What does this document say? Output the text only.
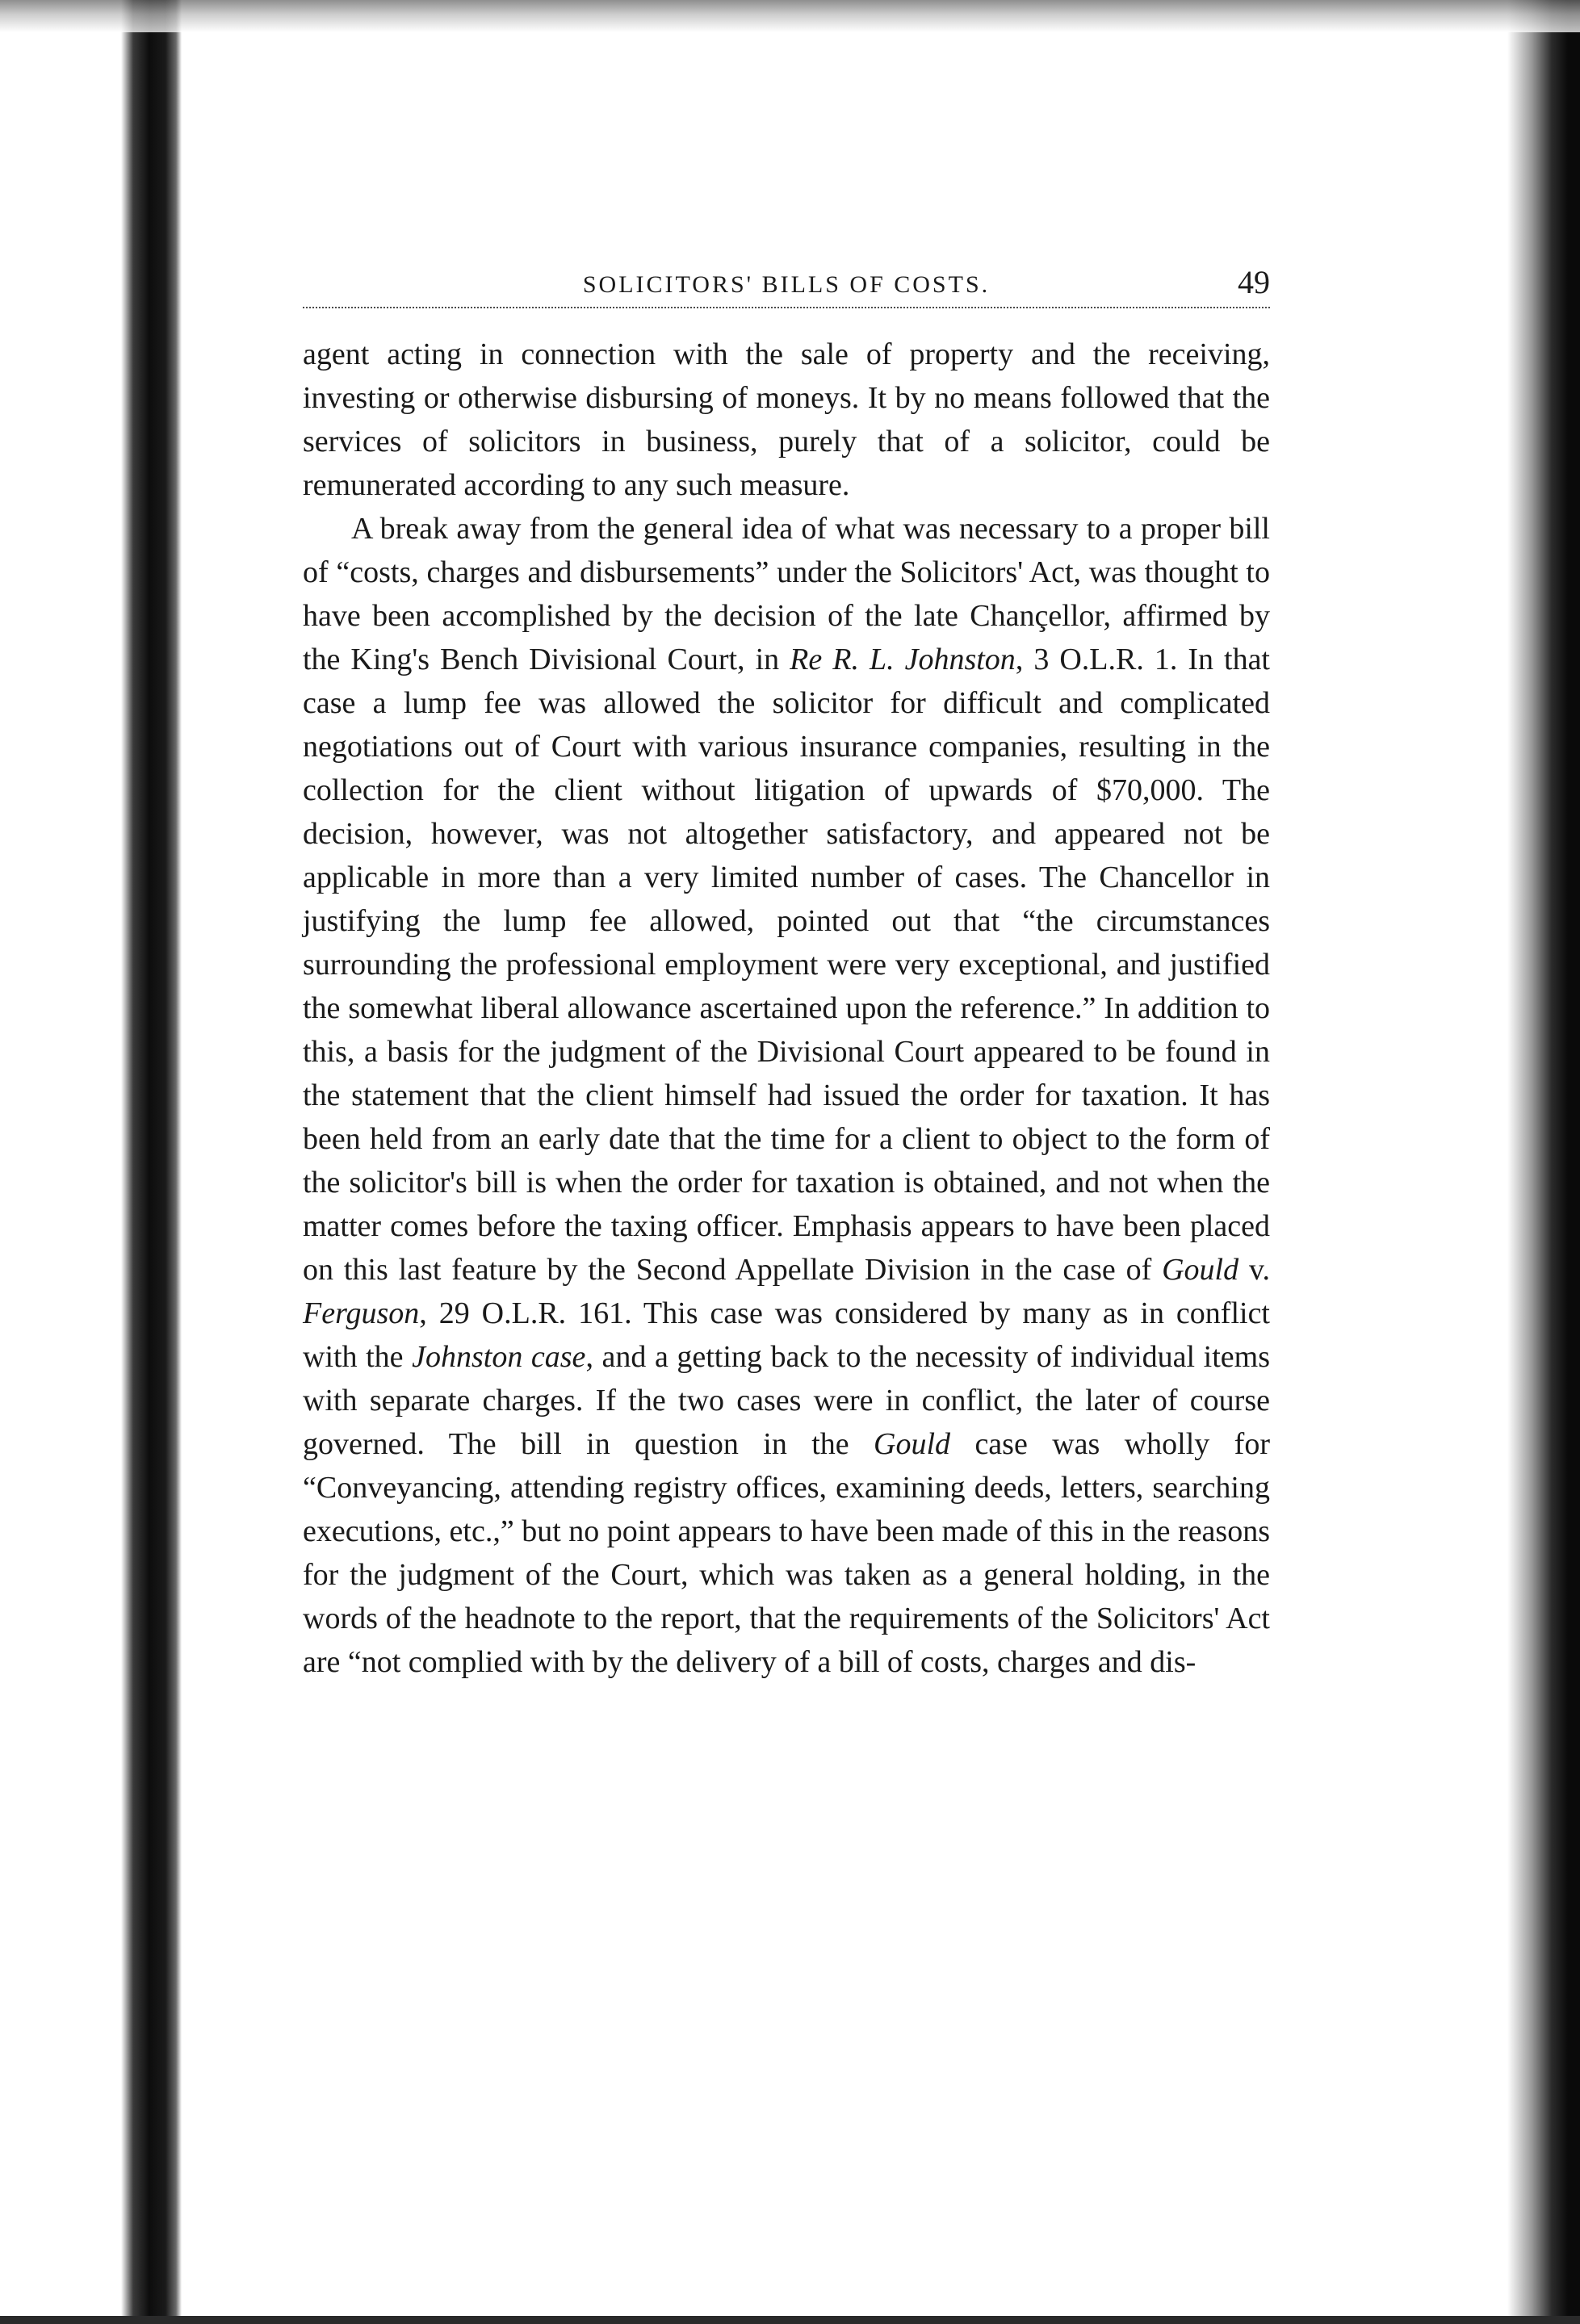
SOLICITORS' BILLS OF COSTS.	49

agent acting in connection with the sale of property and the receiving, investing or otherwise disbursing of moneys. It by no means followed that the services of solicitors in business, purely that of a solicitor, could be remunerated according to any such measure.

A break away from the general idea of what was necessary to a proper bill of “costs, charges and disbursements” under the Solicitors' Act, was thought to have been accomplished by the decision of the late Chançellor, affirmed by the King's Bench Divisional Court, in Re R. L. Johnston, 3 O.L.R. 1. In that case a lump fee was allowed the solicitor for difficult and complicated negotiations out of Court with various insurance companies, resulting in the collection for the client without litigation of upwards of $70,000. The decision, however, was not altogether satisfactory, and appeared not be applicable in more than a very limited number of cases. The Chancellor in justifying the lump fee allowed, pointed out that “the circumstances surrounding the professional employment were very exceptional, and justified the somewhat liberal allowance ascertained upon the reference.” In addition to this, a basis for the judgment of the Divisional Court appeared to be found in the statement that the client himself had issued the order for taxation. It has been held from an early date that the time for a client to object to the form of the solicitor's bill is when the order for taxation is obtained, and not when the matter comes before the taxing officer. Emphasis appears to have been placed on this last feature by the Second Appellate Division in the case of Gould v. Ferguson, 29 O.L.R. 161. This case was considered by many as in conflict with the Johnston case, and a getting back to the necessity of individual items with separate charges. If the two cases were in conflict, the later of course governed. The bill in question in the Gould case was wholly for “Conveyancing, attending registry offices, examining deeds, letters, searching executions, etc.,” but no point appears to have been made of this in the reasons for the judgment of the Court, which was taken as a general holding, in the words of the headnote to the report, that the requirements of the Solicitors' Act are “not complied with by the delivery of a bill of costs, charges and dis-
